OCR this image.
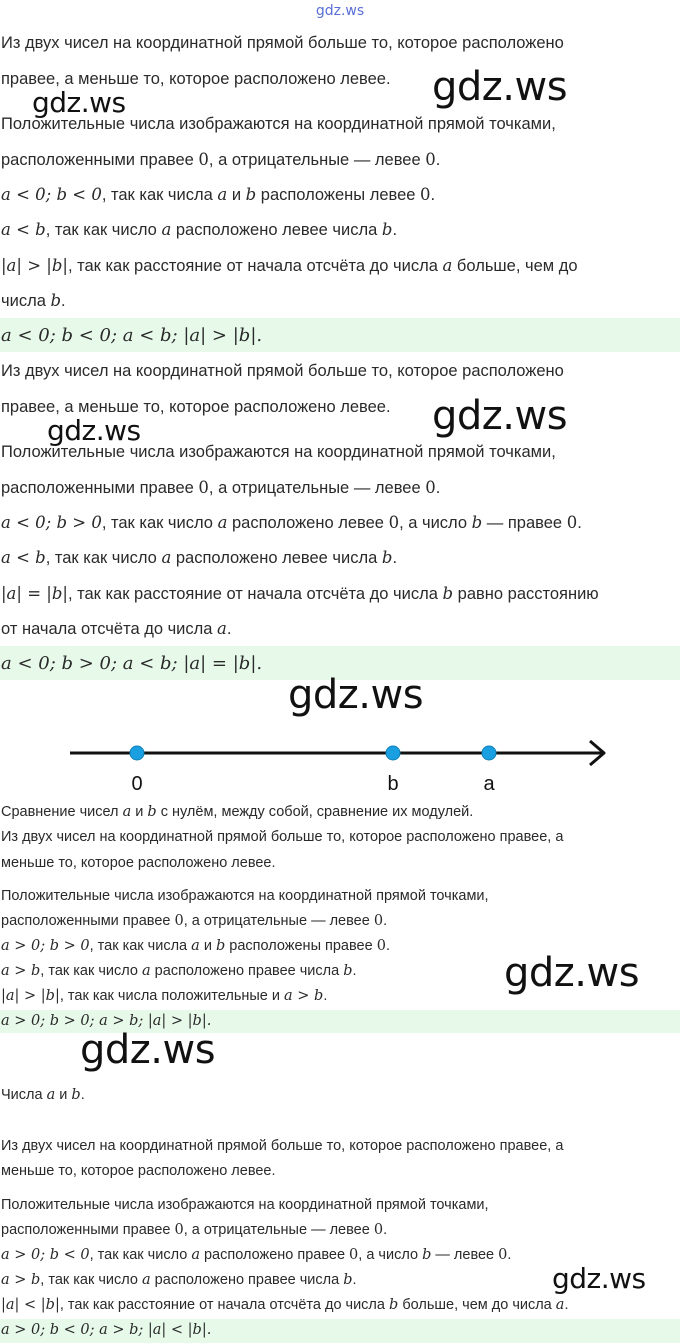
gdz.ws
Из двух чисел на координатной прямой больше то, которое расположено
правее, а меньше то, которое расположено левее.
Положительные числа изображаются на координатной прямой точками,
расположенными правее 0, а отрицательные — левее 0.
a < 0; b < 0, так как числа a и b расположены левее 0.
a < b, так как число a расположено левее числа b.
|a| > |b|, так как расстояние от начала отсчёта до числа a больше, чем до
числа b.
a < 0; b < 0; a < b; |a| > |b|.
Из двух чисел на координатной прямой больше то, которое расположено
правее, а меньше то, которое расположено левее.
Положительные числа изображаются на координатной прямой точками,
расположенными правее 0, а отрицательные — левее 0.
a < 0; b > 0, так как число a расположено левее 0, а число b — правее 0.
a < b, так как число a расположено левее числа b.
|a| = |b|, так как расстояние от начала отсчёта до числа b равно расстоянию
от начала отсчёта до числа a.
a < 0; b > 0; a < b; |a| = |b|.
0	b	a
Сравнение чисел a и b с нулём, между собой, сравнение их модулей.
Из двух чисел на координатной прямой больше то, которое расположено правее, а
меньше то, которое расположено левее.
Положительные числа изображаются на координатной прямой точками,
расположенными правее 0, а отрицательные — левее 0.
a > 0; b > 0, так как числа a и b расположены правее 0.
a > b, так как число a расположено правее числа b.
|a| > |b|, так как числа положительные и a > b.
a > 0; b > 0; a > b; |a| > |b|.
Числа a и b.
Из двух чисел на координатной прямой больше то, которое расположено правее, а
меньше то, которое расположено левее.
Положительные числа изображаются на координатной прямой точками,
расположенными правее 0, а отрицательные — левее 0.
a > 0; b < 0, так как число a расположено правее 0, а число b — левее 0.
a > b, так как число a расположено правее числа b.
|a| < |b|, так как расстояние от начала отсчёта до числа b больше, чем до числа a.
a > 0; b < 0; a > b; |a| < |b|.
gdz.ws	gdz.ws
gdz.ws	gdz.ws
gdz.ws
gdz.ws
gdz.ws
gdz.ws
